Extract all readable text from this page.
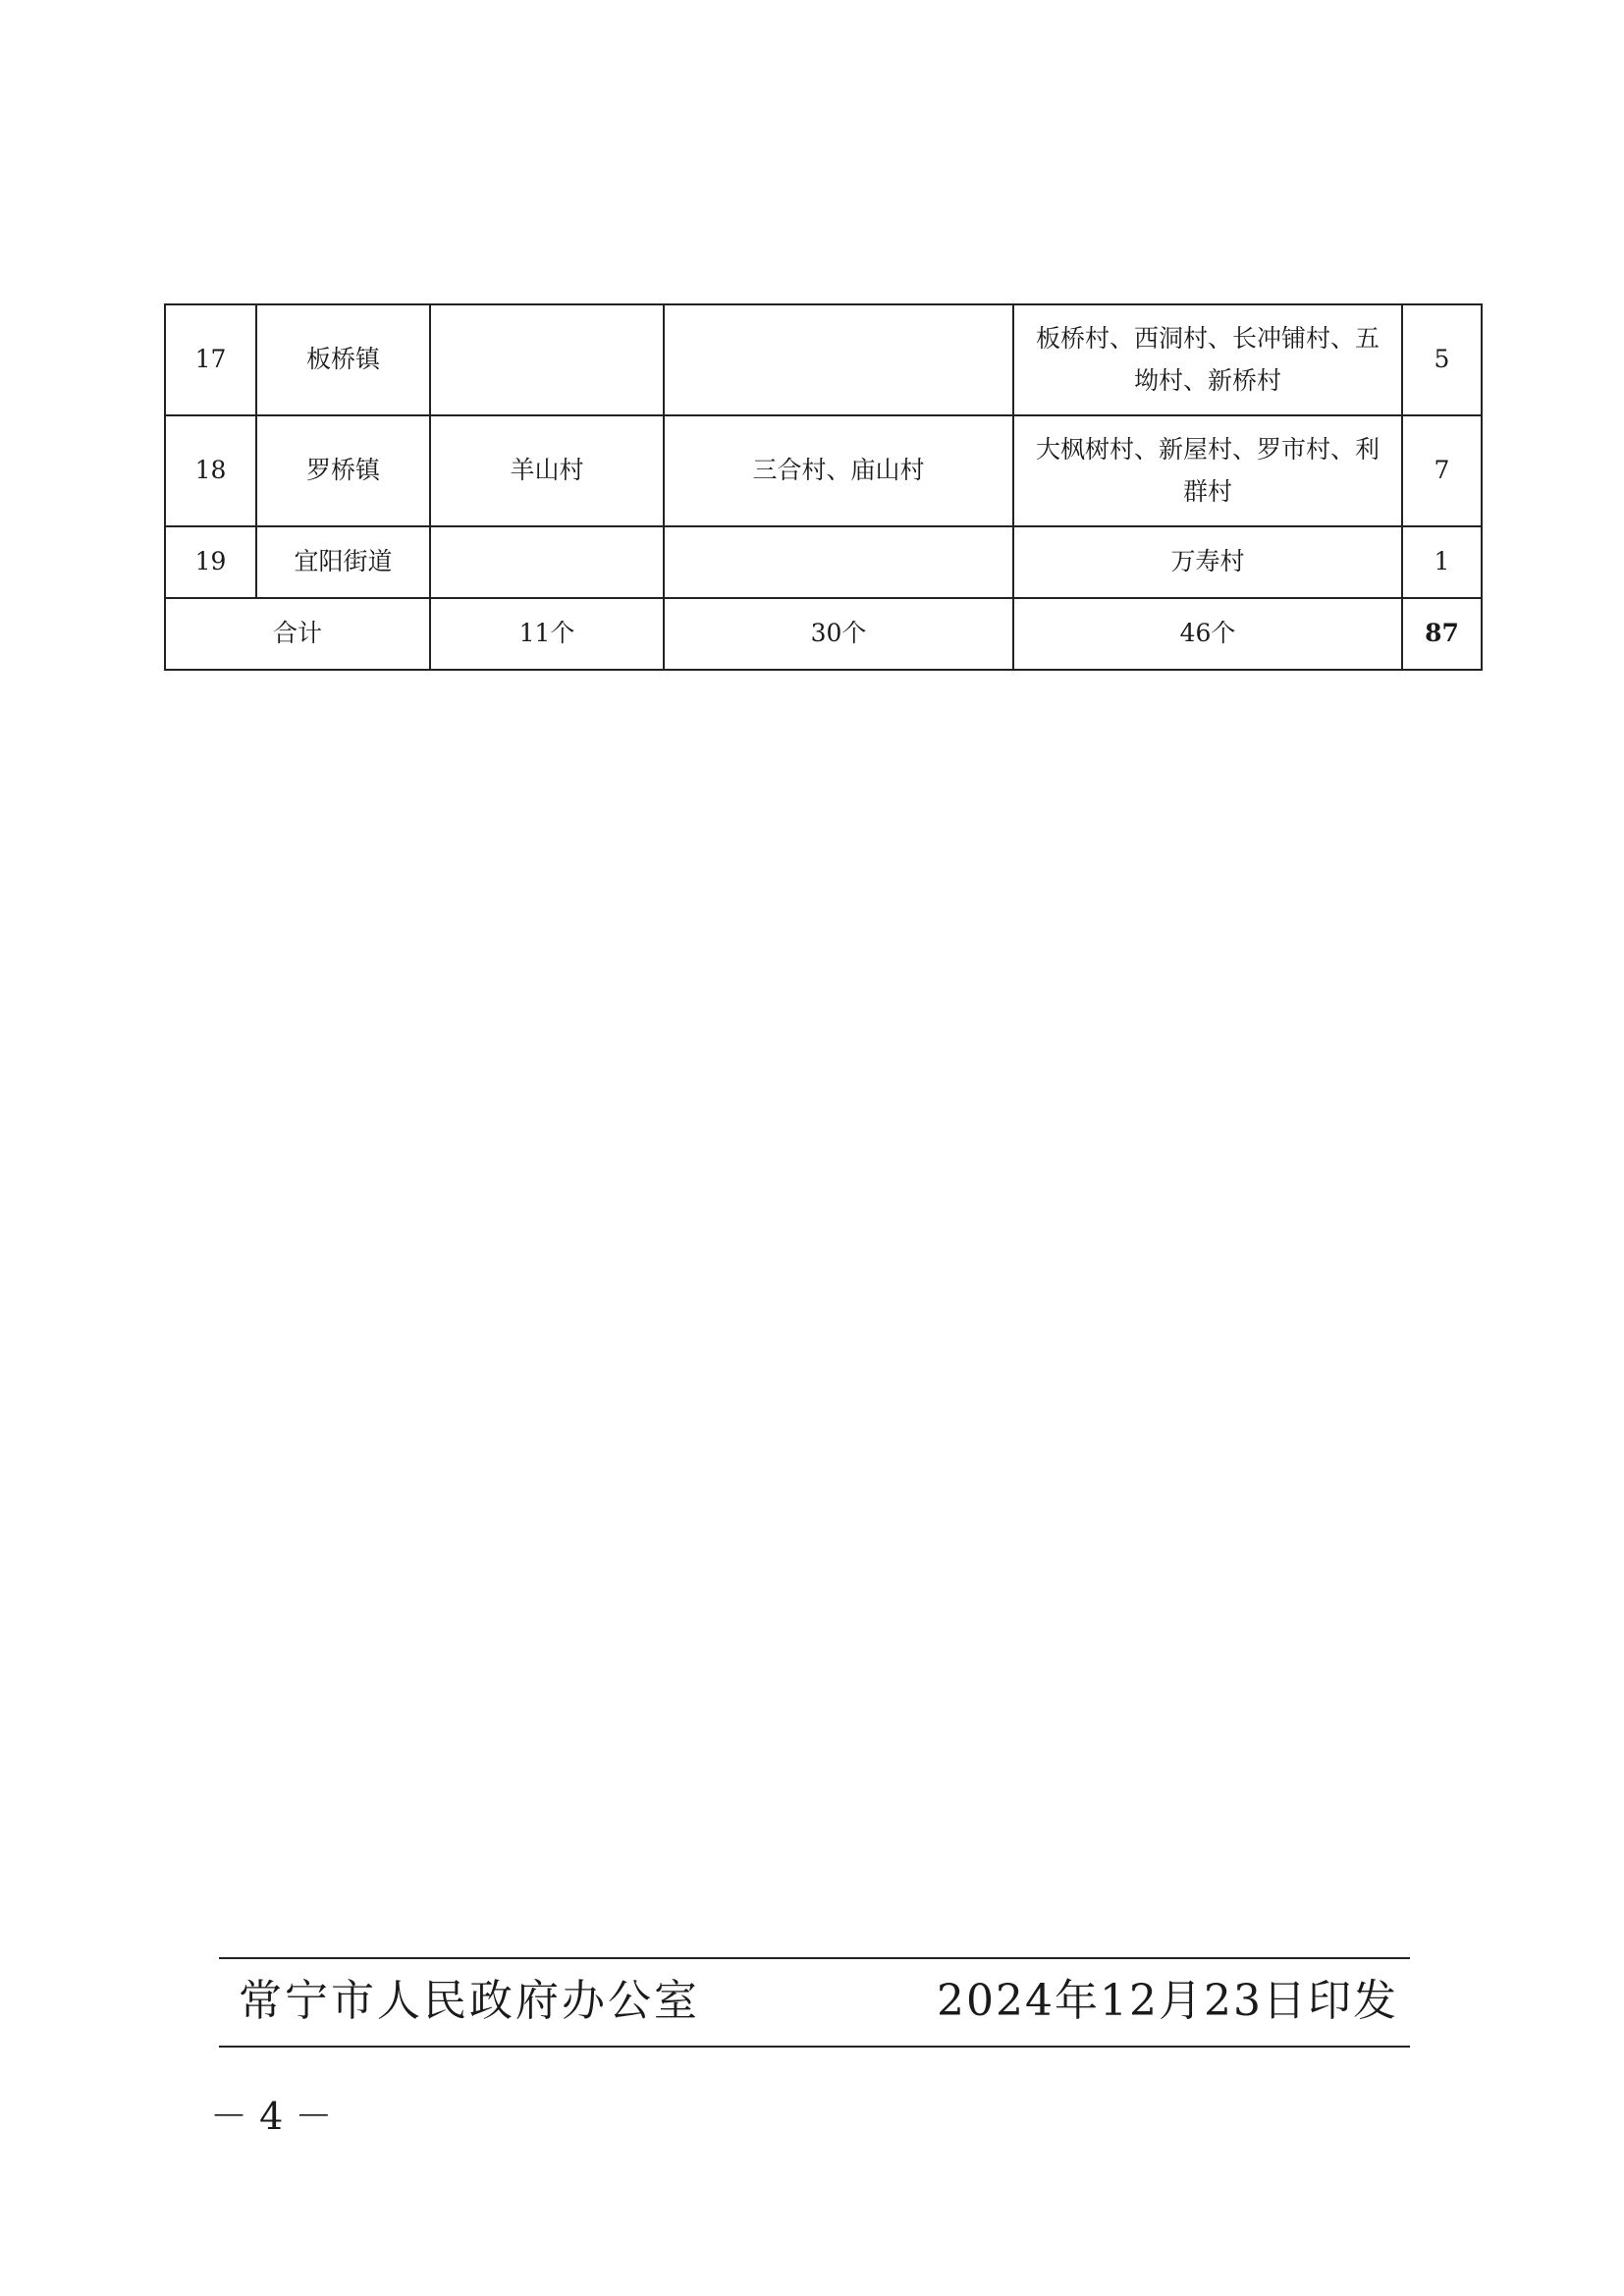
17	板桥镇			板桥村、西洞村、长冲铺村、五坳村、新桥村	5
18	罗桥镇	羊山村	三合村、庙山村	大枫树村、新屋村、罗市村、利群村	7
19	宜阳街道			万寿村	1
合计		11个	30个	46个	87
常宁市人民政府办公室	2024年12月23日印发
－ 4 －
